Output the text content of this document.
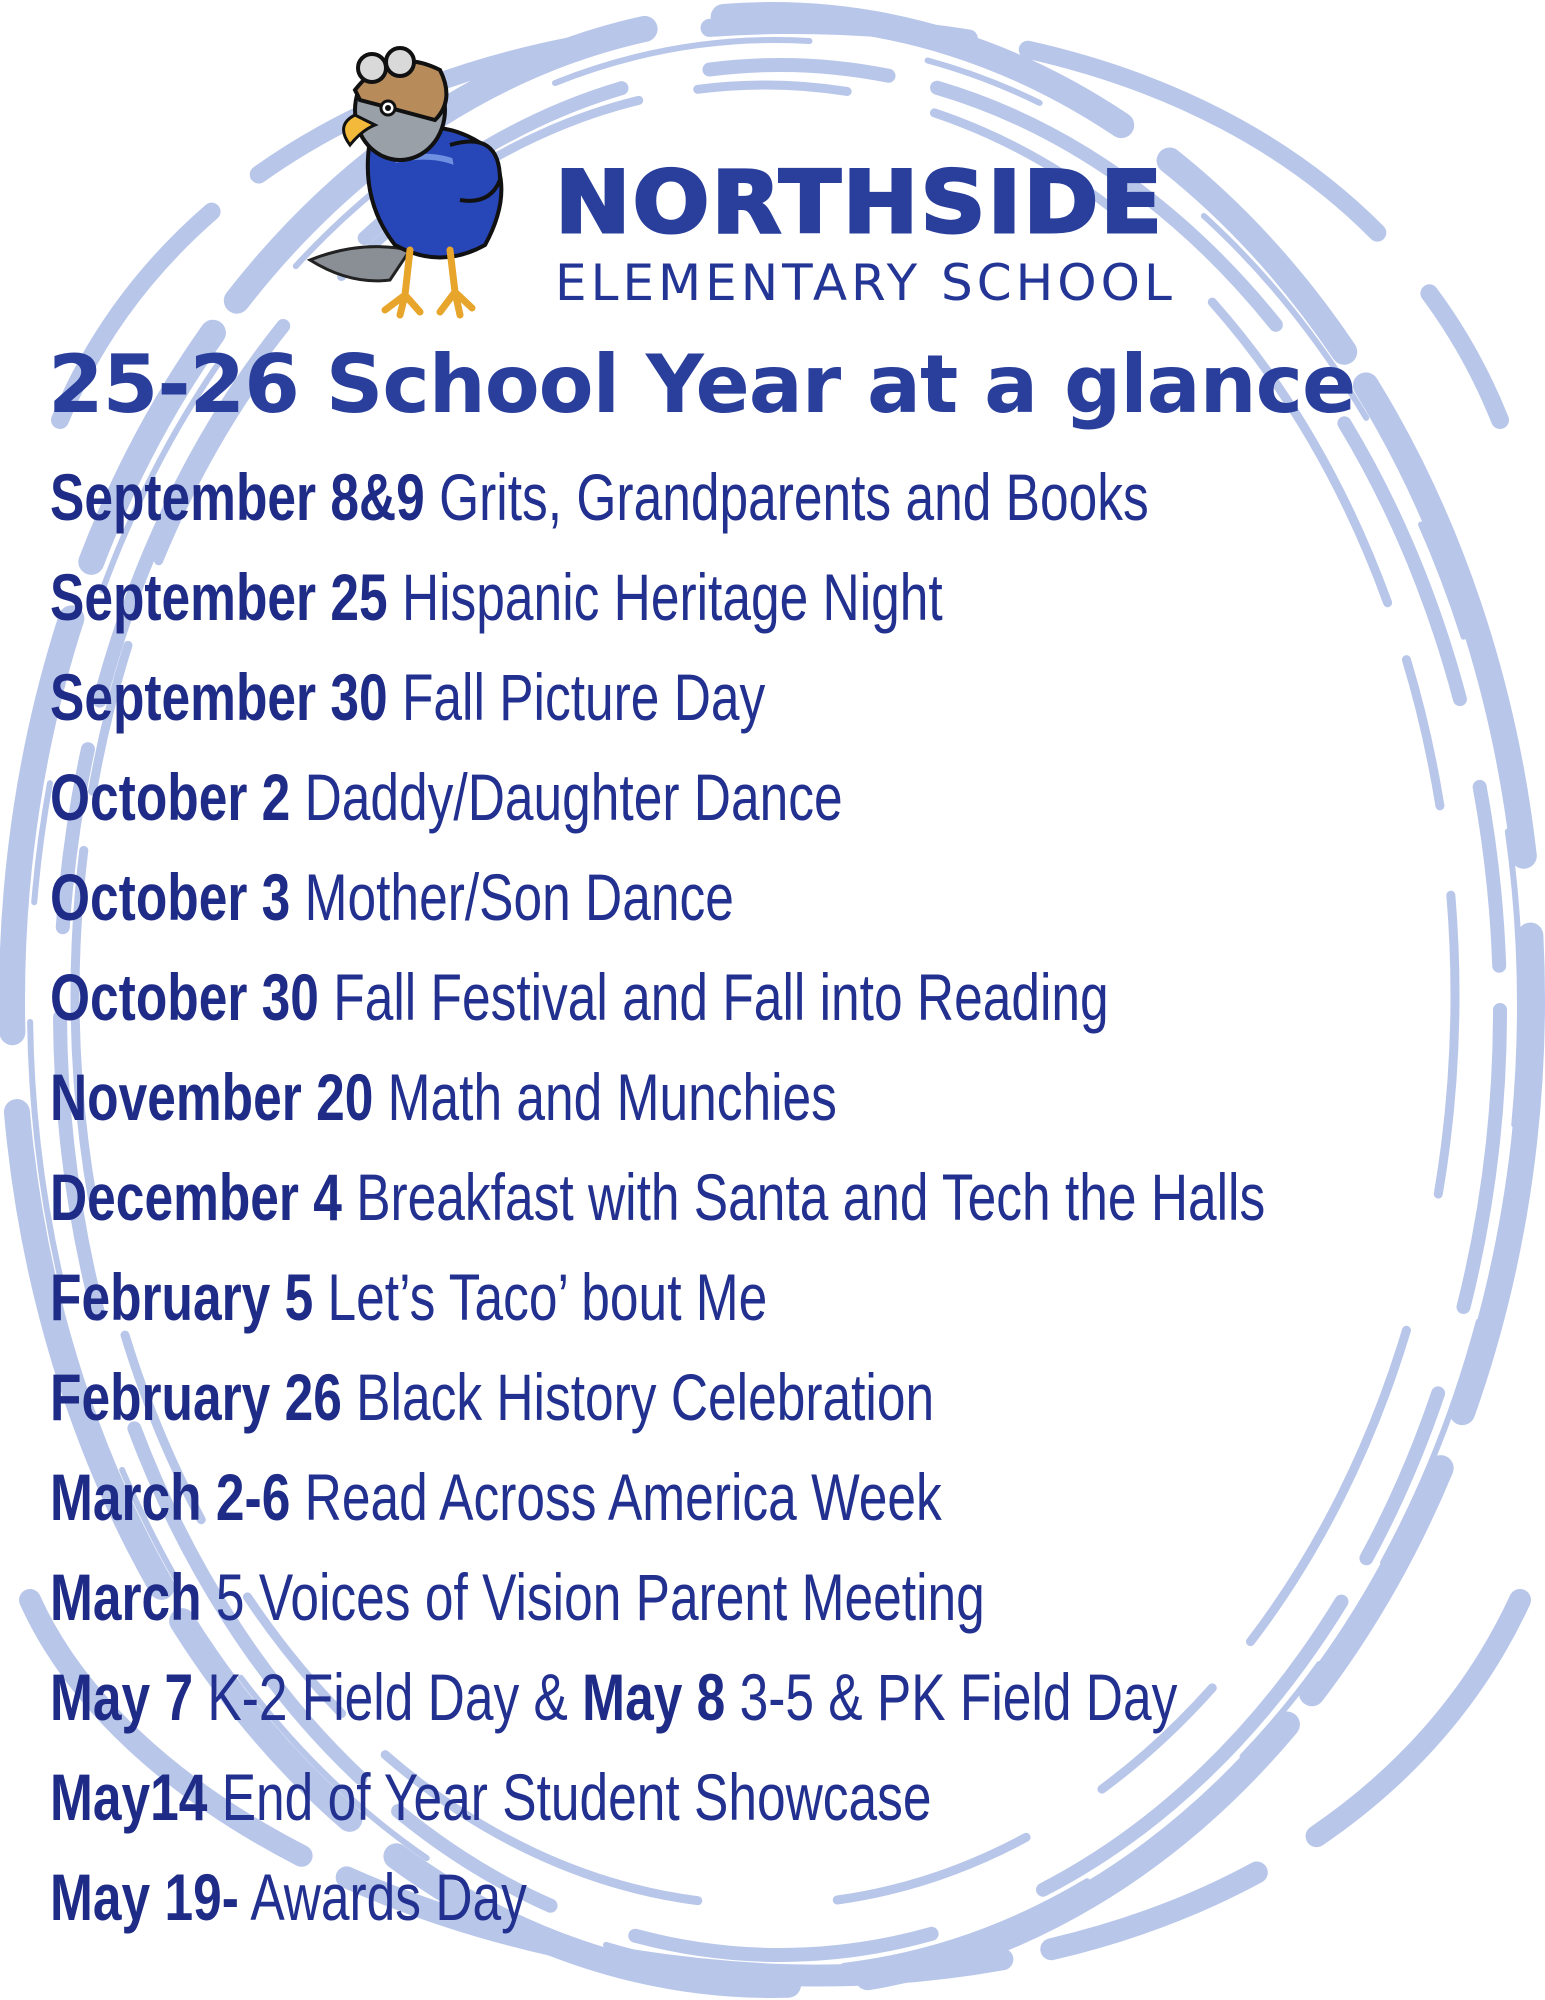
NORTHSIDE
ELEMENTARY SCHOOL
25-26 School Year at a glance
September 8&9 Grits, Grandparents and Books
September 25 Hispanic Heritage Night
September 30 Fall Picture Day
October 2 Daddy/Daughter Dance
October 3 Mother/Son Dance
October 30 Fall Festival and Fall into Reading
November 20 Math and Munchies
December 4 Breakfast with Santa and Tech the Halls
February 5 Let’s Taco’ bout Me
February 26 Black History Celebration
March 2-6 Read Across America Week
March 5 Voices of Vision Parent Meeting
May 7 K-2 Field Day & May 8 3-5 & PK Field Day
May14 End of Year Student Showcase
May 19- Awards Day
